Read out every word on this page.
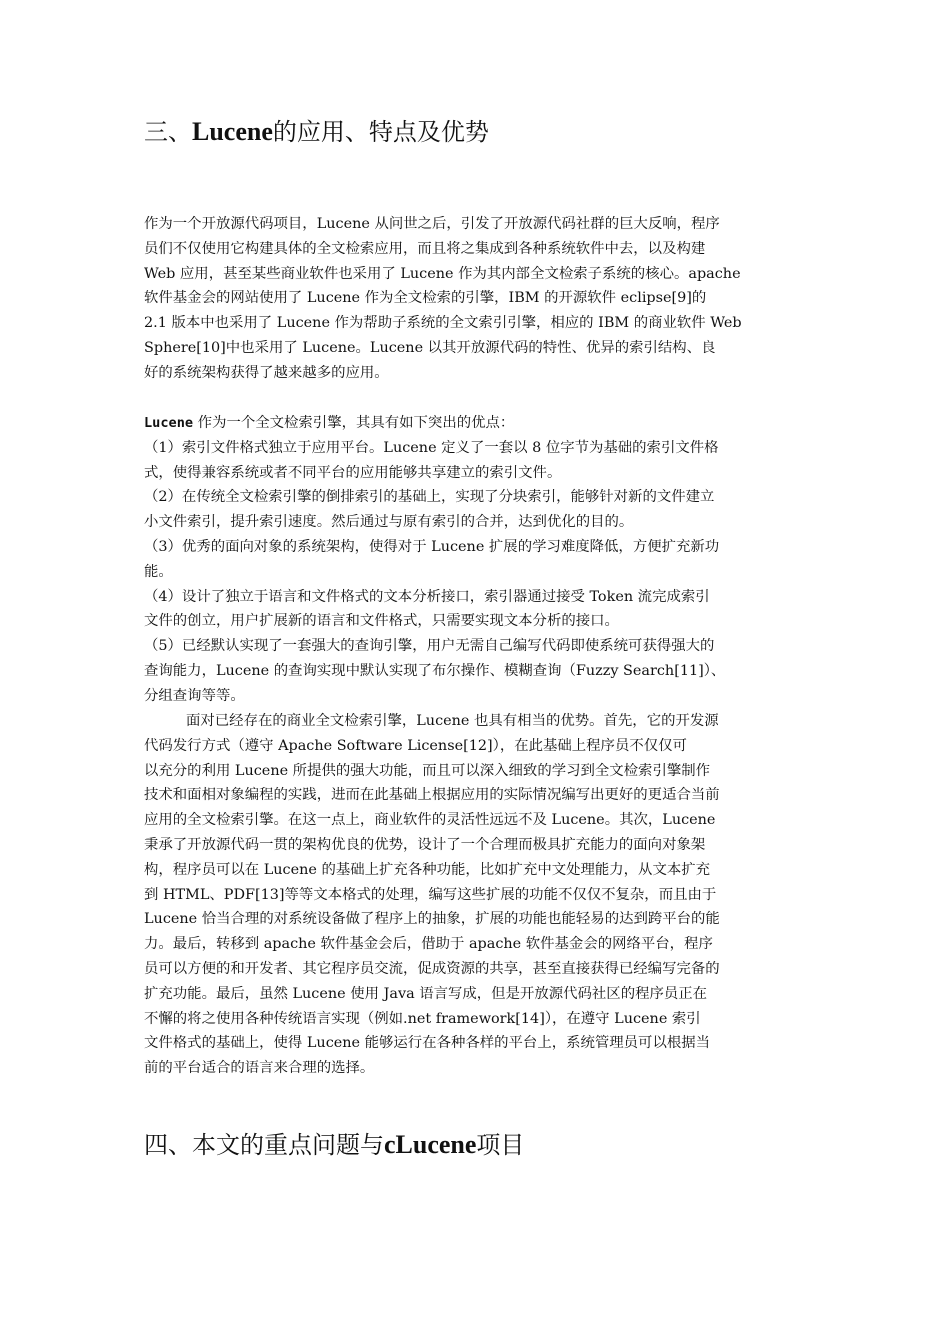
三、Lucene的应用、特点及优势
作为一个开放源代码项目，Lucene 从问世之后，引发了开放源代码社群的巨大反响，程序
员们不仅使用它构建具体的全文检索应用，而且将之集成到各种系统软件中去，以及构建
Web 应用，甚至某些商业软件也采用了 Lucene 作为其内部全文检索子系统的核心。apache
软件基金会的网站使用了 Lucene 作为全文检索的引擎，IBM 的开源软件 eclipse[9]的
2.1 版本中也采用了 Lucene 作为帮助子系统的全文索引引擎，相应的 IBM 的商业软件 Web
Sphere[10]中也采用了 Lucene。Lucene 以其开放源代码的特性、优异的索引结构、良
好的系统架构获得了越来越多的应用。
Lucene 作为一个全文检索引擎，其具有如下突出的优点：
（1）索引文件格式独立于应用平台。Lucene 定义了一套以 8 位字节为基础的索引文件格
式，使得兼容系统或者不同平台的应用能够共享建立的索引文件。
（2）在传统全文检索引擎的倒排索引的基础上，实现了分块索引，能够针对新的文件建立
小文件索引，提升索引速度。然后通过与原有索引的合并，达到优化的目的。
（3）优秀的面向对象的系统架构，使得对于 Lucene 扩展的学习难度降低，方便扩充新功
能。
（4）设计了独立于语言和文件格式的文本分析接口，索引器通过接受 Token 流完成索引
文件的创立，用户扩展新的语言和文件格式，只需要实现文本分析的接口。
（5）已经默认实现了一套强大的查询引擎，用户无需自己编写代码即使系统可获得强大的
查询能力，Lucene 的查询实现中默认实现了布尔操作、模糊查询（Fuzzy Search[11]）、
分组查询等等。
面对已经存在的商业全文检索引擎，Lucene 也具有相当的优势。首先，它的开发源
代码发行方式（遵守 Apache Software License[12]），在此基础上程序员不仅仅可
以充分的利用 Lucene 所提供的强大功能，而且可以深入细致的学习到全文检索引擎制作
技术和面相对象编程的实践，进而在此基础上根据应用的实际情况编写出更好的更适合当前
应用的全文检索引擎。在这一点上，商业软件的灵活性远远不及 Lucene。其次，Lucene
秉承了开放源代码一贯的架构优良的优势，设计了一个合理而极具扩充能力的面向对象架
构，程序员可以在 Lucene 的基础上扩充各种功能，比如扩充中文处理能力，从文本扩充
到 HTML、PDF[13]等等文本格式的处理，编写这些扩展的功能不仅仅不复杂，而且由于
Lucene 恰当合理的对系统设备做了程序上的抽象，扩展的功能也能轻易的达到跨平台的能
力。最后，转移到 apache 软件基金会后，借助于 apache 软件基金会的网络平台，程序
员可以方便的和开发者、其它程序员交流，促成资源的共享，甚至直接获得已经编写完备的
扩充功能。最后，虽然 Lucene 使用 Java 语言写成，但是开放源代码社区的程序员正在
不懈的将之使用各种传统语言实现（例如.net framework[14]），在遵守 Lucene 索引
文件格式的基础上，使得 Lucene 能够运行在各种各样的平台上，系统管理员可以根据当
前的平台适合的语言来合理的选择。
四、本文的重点问题与cLucene项目
